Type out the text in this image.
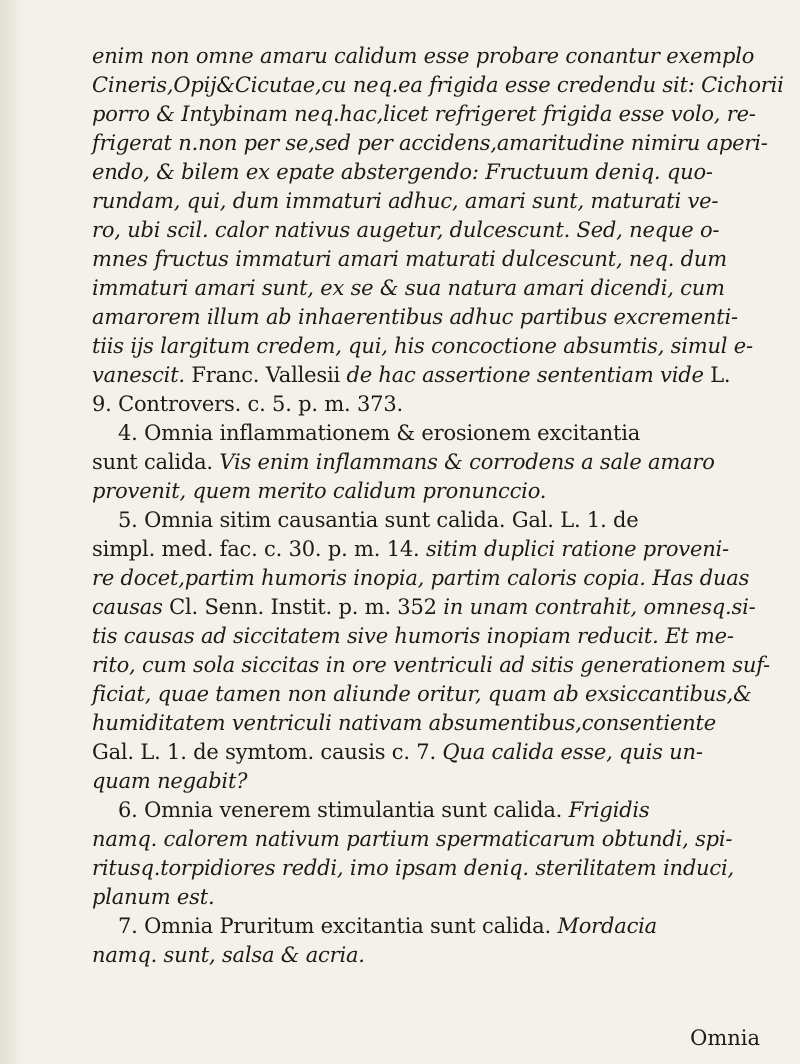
enim non omne amaru calidum esse probare conantur exemplo
Cineris,Opij&Cicutae,cu neq.ea frigida esse credendu sit: Cichorii
porro & Intybinam neq.hac,licet refrigeret frigida esse volo, re-
frigerat n.non per se,sed per accidens,amaritudine nimiru aperi-
endo, & bilem ex epate abstergendo: Fructuum deniq. quo-
rundam, qui, dum immaturi adhuc, amari sunt, maturati ve-
ro, ubi scil. calor nativus augetur, dulcescunt. Sed, neque o-
mnes fructus immaturi amari maturati dulcescunt, neq. dum
immaturi amari sunt, ex se & sua natura amari dicendi, cum
amarorem illum ab inhaerentibus adhuc partibus excrementi-
tiis ijs largitum credem, qui, his concoctione absumtis, simul e-
vanescit. Franc. Vallesii de hac assertione sententiam vide L.
9. Controvers. c. 5. p. m. 373.
4. Omnia inflammationem & erosionem excitantia
sunt calida. Vis enim inflammans & corrodens a sale amaro
provenit, quem merito calidum pronunccio.
5. Omnia sitim causantia sunt calida. Gal. L. 1. de
simpl. med. fac. c. 30. p. m. 14. sitim duplici ratione proveni-
re docet,partim humoris inopia, partim caloris copia. Has duas
causas Cl. Senn. Instit. p. m. 352 in unam contrahit, omnesq.si-
tis causas ad siccitatem sive humoris inopiam reducit. Et me-
rito, cum sola siccitas in ore ventriculi ad sitis generationem suf-
ficiat, quae tamen non aliunde oritur, quam ab exsiccantibus,&
humiditatem ventriculi nativam absumentibus,consentiente
Gal. L. 1. de symtom. causis c. 7. Qua calida esse, quis un-
quam negabit?
6. Omnia venerem stimulantia sunt calida. Frigidis
namq. calorem nativum partium spermaticarum obtundi, spi-
ritusq.torpidiores reddi, imo ipsam deniq. sterilitatem induci,
planum est.
7. Omnia Pruritum excitantia sunt calida. Mordacia
namq. sunt, salsa & acria.
Omnia
